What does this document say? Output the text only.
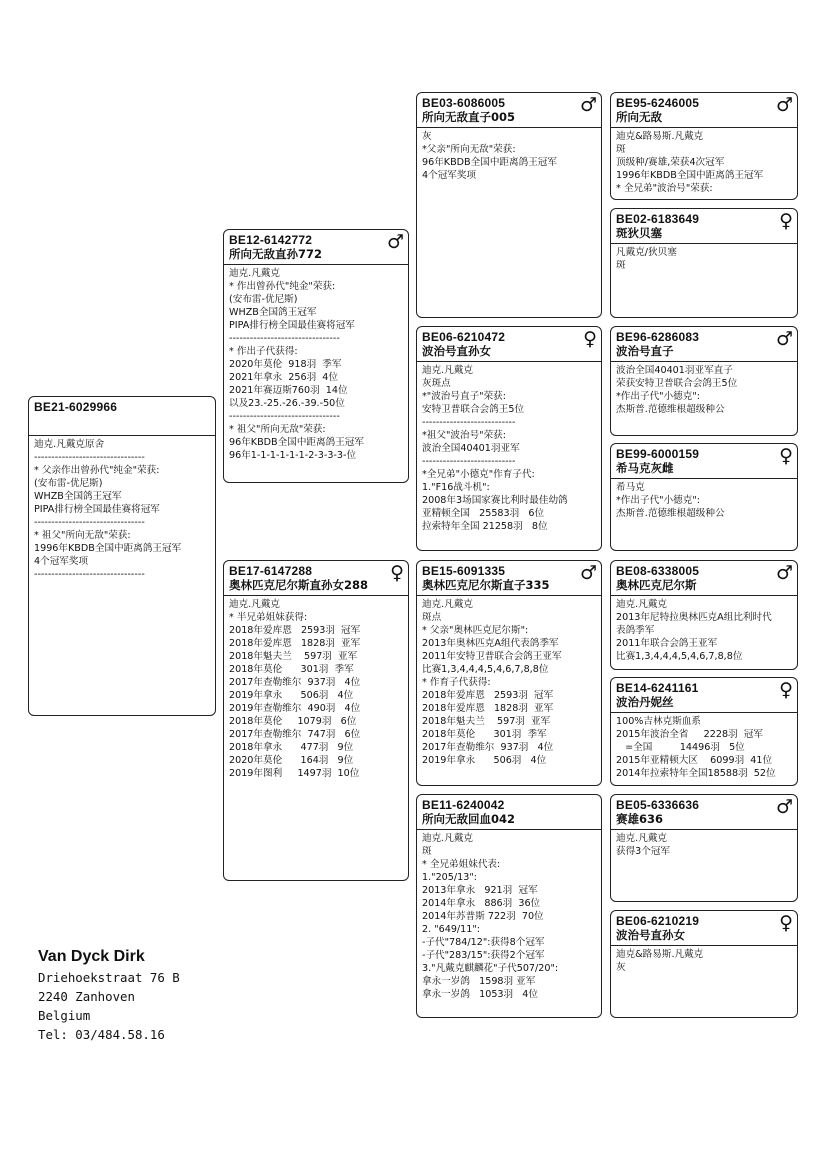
BE21-6029966
迪克.凡戴克原舍
--------------------------------
* 父亲作出曾孙代"纯金"荣获:
(安布雷-优尼斯)
WHZB全国鸽王冠军
PIPA排行榜全国最佳赛将冠军
--------------------------------
* 祖父"所向无敌"荣获:
1996年KBDB全国中距离鸽王冠军
4个冠军奖项
--------------------------------
BE12-6142772
所向无敌直孙772
♂
迪克.凡戴克
* 作出曾孙代"纯金"荣获:
(安布雷-优尼斯)
WHZB全国鸽王冠军
PIPA排行榜全国最佳赛将冠军
--------------------------------
* 作出子代获得:
2020年莫伦  918羽  季军
2021年拿永  256羽  4位
2021年赛迈斯760羽  14位
以及23.-25.-26.-39.-50位
--------------------------------
* 祖父"所向无敌"荣获:
96年KBDB全国中距离鸽王冠军
96年1-1-1-1-1-1-2-3-3-3-位
BE17-6147288
奥林匹克尼尔斯直孙女288
♀
迪克.凡戴克
* 半兄弟姐妹获得:
2018年爱库恩   2593羽  冠军
2018年爱库恩   1828羽  亚军
2018年魁夫兰    597羽  亚军
2018年莫伦      301羽  季军
2017年查勒维尔  937羽   4位
2019年拿永      506羽   4位
2019年查勒维尔  490羽   4位
2018年莫伦     1079羽   6位
2017年查勒维尔  747羽   6位
2018年拿永      477羽   9位
2020年莫伦      164羽   9位
2019年图利     1497羽  10位
BE03-6086005
所向无敌直子005
♂
灰
*父亲"所向无敌"荣获:
96年KBDB全国中距离鸽王冠军
4个冠军奖项
BE06-6210472
波治号直孙女
♀
迪克.凡戴克
灰斑点
*"波治号直子"荣获:
安特卫普联合会鸽王5位
---------------------------
*祖父"波治号"荣获:
波治全国40401羽亚军
---------------------------
*全兄弟"小德克"作育子代:
1."F16战斗机":
2008年3场国家赛比利时最佳幼鸽
亚精顿全国   25583羽   6位
拉索特年全国 21258羽   8位
BE15-6091335
奥林匹克尼尔斯直子335
♂
迪克.凡戴克
斑点
* 父亲"奥林匹克尼尔斯":
2013年奥林匹克A组代表鸽季军
2011年安特卫普联合会鸽王亚军
比赛1,3,4,4,4,5,4,6,7,8,8位
* 作育子代获得:
2018年爱库恩   2593羽  冠军
2018年爱库恩   1828羽  亚军
2018年魁夫兰    597羽  亚军
2018年莫伦      301羽  季军
2017年查勒维尔  937羽   4位
2019年拿永      506羽   4位
BE11-6240042
所向无敌回血042
迪克.凡戴克
斑
* 全兄弟姐妹代表:
1."205/13":
2013年拿永   921羽  冠军
2014年拿永   886羽  36位
2014年苏普斯 722羽  70位
2. "649/11":
-子代"784/12":获得8个冠军
-子代"283/15":获得2个冠军
3."凡戴克麒麟花"子代507/20":
拿永一岁鸽   1598羽 亚军
拿永一岁鸽   1053羽   4位
BE95-6246005
所向无敌
♂
迪克&路易斯.凡戴克
斑
顶级种/赛雄,荣获4次冠军
1996年KBDB全国中距离鸽王冠军
* 全兄弟"波治号"荣获:
BE02-6183649
斑狄贝塞
♀
凡戴克/狄贝塞
斑
BE96-6286083
波治号直子
♂
波治全国40401羽亚军直子
荣获安特卫普联合会鸽王5位
*作出子代"小德克":
杰斯普.范德维根超级种公
BE99-6000159
希马克灰雌
♀
希马克
*作出子代"小德克":
杰斯普.范德维根超级种公
BE08-6338005
奥林匹克尼尔斯
♂
迪克.凡戴克
2013年尼特拉奥林匹克A组比利时代
表鸽季军
2011年联合会鸽王亚军
比赛1,3,4,4,4,5,4,6,7,8,8位
BE14-6241161
波治丹妮丝
♀
100%吉林克斯血系
2015年波治全省     2228羽  冠军
=全国         14496羽   5位
2015年亚精顿大区    6099羽  41位
2014年拉索特年全国18588羽  52位
BE05-6336636
赛雄636
♂
迪克.凡戴克
获得3个冠军
BE06-6210219
波治号直孙女
♀
迪克&路易斯.凡戴克
灰
Van Dyck Dirk
Driehoekstraat 76 B
2240 Zanhoven
Belgium
Tel: 03/484.58.16
